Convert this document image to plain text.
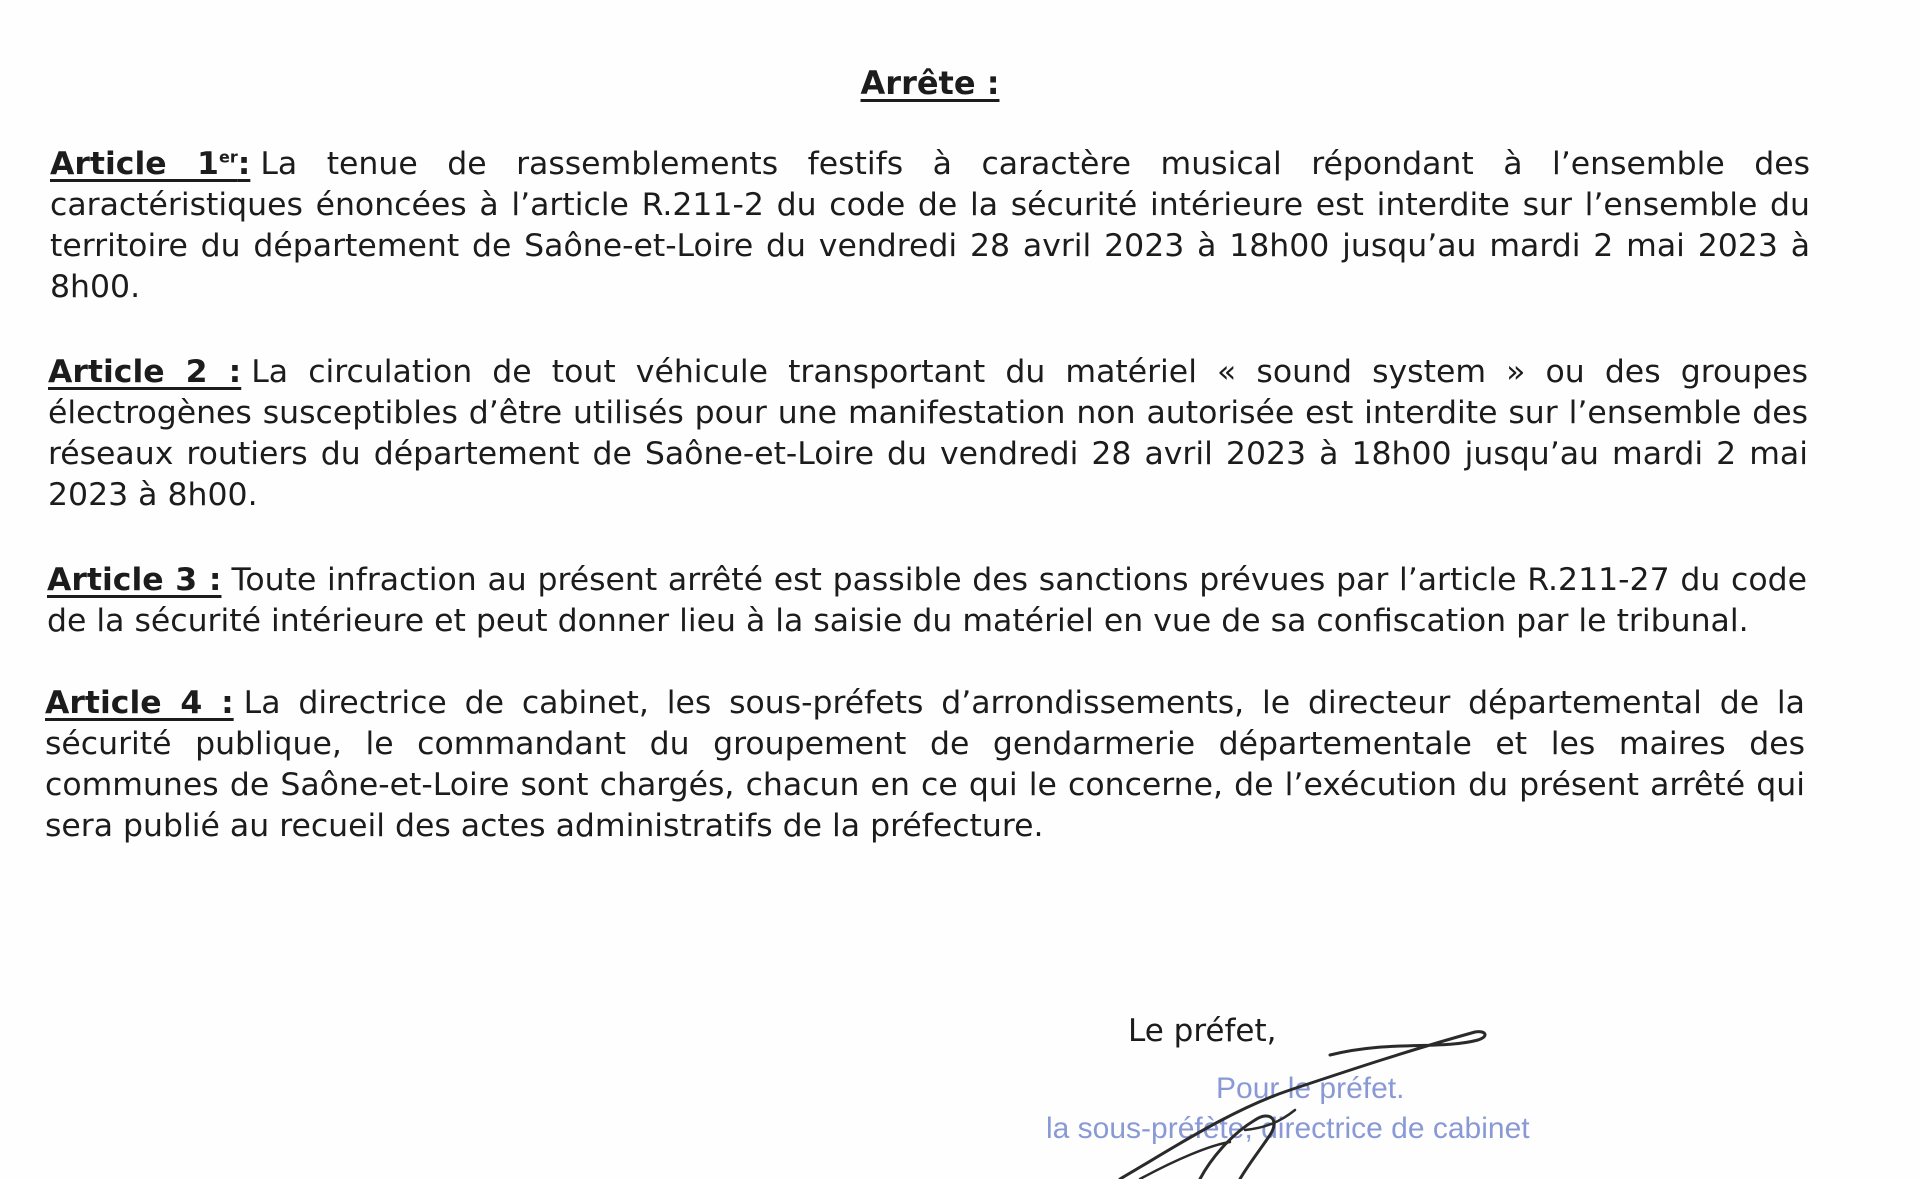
Arrête :
Article 1er: La tenue de rassemblements festifs à caractère musical répondant à l’ensemble des caractéristiques énoncées à l’article R.211-2 du code de la sécurité intérieure est interdite sur l’ensemble du territoire du département de Saône-et-Loire du vendredi 28 avril 2023 à 18h00 jusqu’au mardi 2 mai 2023 à 8h00.
Article 2 : La circulation de tout véhicule transportant du matériel « sound system » ou des groupes électrogènes susceptibles d’être utilisés pour une manifestation non autorisée est interdite sur l’ensemble des réseaux routiers du département de Saône-et-Loire du vendredi 28 avril 2023 à 18h00 jusqu’au mardi 2 mai 2023 à 8h00.
Article 3 : Toute infraction au présent arrêté est passible des sanctions prévues par l’article R.211-27 du code de la sécurité intérieure et peut donner lieu à la saisie du matériel en vue de sa confiscation par le tribunal.
Article 4 : La directrice de cabinet, les sous-préfets d’arrondissements, le directeur départemental de la sécurité publique, le commandant du groupement de gendarmerie départementale et les maires des communes de Saône-et-Loire sont chargés, chacun en ce qui le concerne, de l’exécution du présent arrêté qui sera publié au recueil des actes administratifs de la préfecture.
Le préfet,
Pour le préfet.
la sous-préfète, directrice de cabinet
